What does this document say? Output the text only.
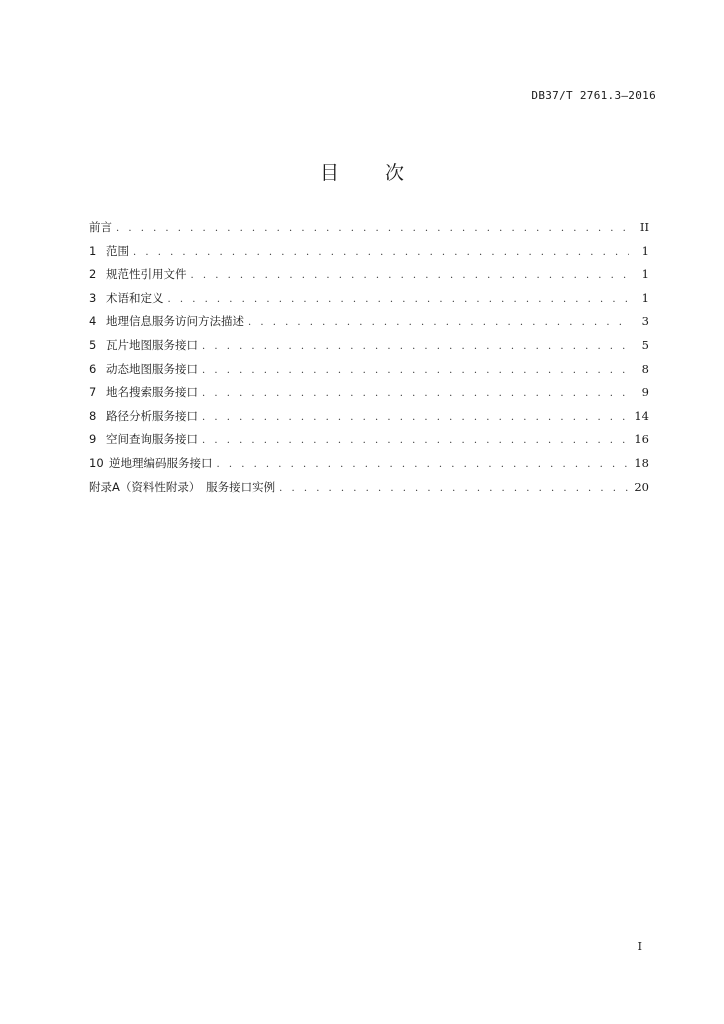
DB37/T 2761.3—2016
目 次
前言 . . .	II
1 范围 . . .	1
2 规范性引用文件 . . .	1
3 术语和定义 . . .	1
4 地理信息服务访问方法描述 . . .	3
5 瓦片地图服务接口 . . .	5
6 动态地图服务接口 . . .	8
7 地名搜索服务接口 . . .	9
8 路径分析服务接口 . . .	14
9 空间查询服务接口 . . .	16
10 逆地理编码服务接口 . . .	18
附录A（资料性附录）　服务接口实例 . . .	20
I
